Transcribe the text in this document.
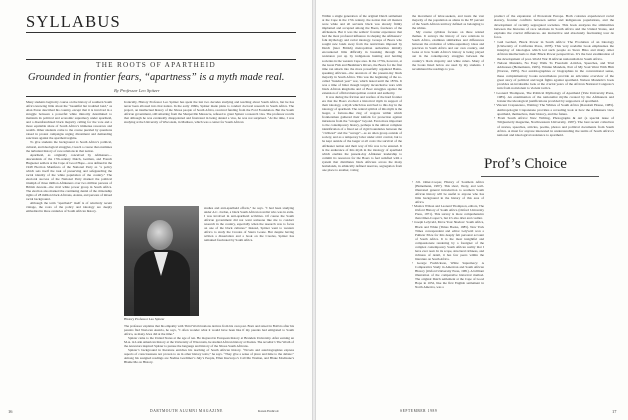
SYLLABUS
THE ROOTS OF APARTHEID
Grounded in frontier fears, “apartness” is a myth made real.
By Professor Leo Spitzer

Many students begin my course on the history of southern South Africa knowing little about the “beautiful but troubled land,” as Alan Paton described his country, except that it is involved in a struggle between a powerful white minority determined to maintain its political and economic supremacy under apartheid, and a disenfranchised black majority calling for the vote and a more equitable share of South Africa’s immense resources and wealth. Other students come to the course puzzled by questions raised in protest campaigns urging divestment and demanding sanctions against the apartheid regime.

To give students the background to South Africa’s political, cultural, and ideological struggles, I teach a course that examines the turbulent history of race relations in that nation.

Apartheid, as originally conceived by Afrikaners—descendants of the 17th-century Dutch, German, and French Huguenot settlers at the Cape of Good Hope—was defined in the 1948 Election Manifesto of the National Party as “a policy which sets itself the task of preserving and safeguarding the racial identity of the white population of the country.” The electoral success of the National Party marked the political triumph of three million Afrikaners over two million persons of British descent—the rival white power group in South Africa. The election also marked the continuing denial of the citizenship rights of 28 million black Africans, Asians, and persons of mixed racial background.

Although the term “apartheid” itself is of relatively recent vintage, the roots of the policy and ideology are deeply embedded in three centuries of South African history.

Ironically, History Professor Leo Spitzer has spent the last two decades studying and teaching about South Africa, but he has never been allowed into that nation. In the early 1960s, Spitzer made plans to conduct doctoral research in South Africa. The project, an intellectual history of the Xhosa people of South Africa, received funding from the Ford Foundation. But the South African government, still smarting from the Sharpeville Massacre, refused to grant Spitzer a research visa. The professor recalls that although he was eventually disappointed and frustrated in being denied a visa, he was not surprised. “At the time, I was studying at the University of Wisconsin, in Madison, which was a center for South African

History Professor Leo Spitzer

studies and anti-apartheid efforts,” he says. “I had been studying under A.C. Jordan, a black South African novelist who was in exile. I was involved in anti-apartheid activities. Of course the South African government did not want someone like me to conduct research in the country, especially when the research was to focus on one of the black cultures.” Instead, Spitzer went to western Africa to study the Creoles of Sierra Leone. But despite having written a dissertation and a book on the Creoles, Spitzer has remained fascinated by South Africa.

The professor explains that his empathy with Third World nations derives from his own past. Born and raised in Bolivia after his parents fled Nazi-run Austria, he says, “I often wonder what it would have been like if my parents had emigrated to South Africa, as many Jews did at the time.”

Spitzer came to the United States at the age of ten. He majored in European history at Brandeis University. After earning an M.A. in Latin American history at the University of Wisconsin, he studied African history at Ibadan. The novelist’s The Wrath of the Ancestors inspired Spitzer to pursue the language and history of the Xhosa South Africans.

Spitzer’s background in literature enriches his teaching of South African history. “Novels and autobiographies express aspects of consciousness not proven to us in other history texts,” he says. “They give a sense of place and time to the debate.” Among his assigned readings are Nadine Gordimer’s July’s People, Ellen Kuzwayo’s Call Me Woman, and Bloke Modisane’s Blame Me on History.

Karen Endicott
16	DARTMOUTH ALUMNI MAGAZINE

Within a single generation of the original Dutch settlement at the Cape in the 17th century, the notion that all masters were white and all servants black was already firmly implanted and accepted among the Boers, forebears of the Afrikaners. But it was the settlers’ frontier experience that had the most profound influence in shaping the Afrikaners’ folk mythology and racial ideology. Groups of Boers who sought new lands away from the restrictions imposed by Dutch (later British) metropolitan authorities initially encountered little difficulty in breaking through the resistance put up by indigenous hunting and herding societies in the western Cape area. In the 1770s, however, at the Great Fish and Bushman’s Rivers, the Boers for the first time ran smack into the more powerfully organized Bantu-speaking Africans—the ancestors of the present-day black majority in South Africa. This was the beginning of the so-called “hundred year” war, which lasted until the 1870s. It was a time of bitter though largely inconclusive wars with black African kingdoms and of Boer struggles against the extension of official metropolitan control and authority.

It was during the friction and warfare of the hard frontier era that the Boers evolved a historical myth in support of their ideology, a myth which has survived to this day in the ideology of apartheid. The central symbol of this myth is the laager, a fortress-like ring of wagons within which frontiersmen gathered their kinfolk for protection against intrusions from the “savages” beyond. Even more important to the contemporary history, perhaps is the almost complete identification of a fixed set of rigid boundaries between the “civilized” and the “savage”—as an alien group outside of society, and as a temporary labor under strict control, but to be kept outside of the laager at all costs: the survival of the Afrikaner nation and their way of life was to be ensured. It is the endurance of this myth in the ideology of apartheid which enables the present-day Afrikaner leadership to commit its resources for the Boers to feel satisfied with a system that distributes black Africans across the many homelands, in ethnically defined reserves, segregation from one place to another, voting

the movement of labor-seekers, and treats the vast majority of the population as aliens in the 87 percent of the South African territory defined as belonging to the whites.

My course syllabus focuses on three related themes. It surveys the history of race relations in South Africa, examines similarities and differences between the evolution of white-supremacy ideas and practices in South Africa and our own country, and looks at how South Africa’s history is being played out in the contemporary struggles between the country’s black majority and white rulers. Many of the books listed below are used by my students. I recommend the readings to you.

Prof’s Choice

• J.D. Omer-Cooper, History of Southern Africa (Heinemann, 1987). This short, lively, and well-illustrated general introduction to southern South African history will be useful to anyone who has little background in the history of this area of Africa.

• Monica Wilson and Leonard Thompson, editors, The Oxford History of South Africa (Oxford University Press, 1971). This survey is more comprehensive than Omer-Cooper’s, but it’s also drier and costlier.

• Joseph Lelyveld, Move Your Shadow: South Africa, Black and White (Times Books, 1985). New York Times correspondent and editor Lelyveld won a Pulitzer Prize for this deeply felt personal account of South Africa. It is the most insightful and compassionate rendering by a foreigner of the complex contemporary South African reality that I have ever read. In its scope, structural richness, and richness of detail, it has few peers within the literature on South Africa.

• George Fredrickson, White Supremacy: A Comparative Study in American and South African History (Oxford University Press, 1981). A brilliant illustration of the comparative historical method. The original Dutch settlement at the Cape of Good Hope in 1652, like the first English settlement in North America, was a

product of the expansion of Protestant Europe. Both colonies experienced racial slavery, frontier conflicts between settler and indigenous populations, and the development of racially segregated societies. This book analyzes the similarities between the histories of race relations in South Africa and the United States, and explains the crucial differences. An instructive and absolutely fascinating tour de force.

• Gail Gerhart, Black Power in South Africa: The Evolution of an Ideology (University of California Press, 1978). This very readable book emphasizes the interplay of ideologies which led such people as Steve Biko and many other African intellectuals to their Black Power perspectives. It’s the best examination of the development of post–World War II African nationalism in South Africa.

• Nelson Mandela, No Easy Walk To Freedom: Articles, Speeches, and Trial Addresses (Heinemann, 1965). Winnie Mandela, Part of My Soul Went With Him (Norton, 1985). Not autobiographies or biographies in the conventional sense, these complementary books nevertheless provide an articulate overview of the great story of political and legal fights against apartheid. Nelson Mandela’s book provides an invaluable look at the crucial years of the African National Congress’s turn from nonviolent to violent tactics.

• Leonard Thompson, The Political Mythology of Apartheid (Yale University Press, 1985). An examination of the nationalist myths created by the Afrikaners and bolster the ideological justifications provided by supporters of apartheid.

• Vincent Crapanzano, Waiting: The Whites of South Africa (Random House, 1985). Anthropologist Crapanzano provides a revealing look at how the Afrikaners view apartheid, themselves, their history, and the future.

• From South Africa: New Writing, Photographs & Art (a special issue of TriQuarterly magazine, Northwestern University, 1987). The best recent collection of stories, speeches, articles, poems, photos and political documents from South Africa. A must for anyone interested in understanding the terms of South Africa’s national and ideological resistance to apartheid.

SEPTEMBER 1989	17
